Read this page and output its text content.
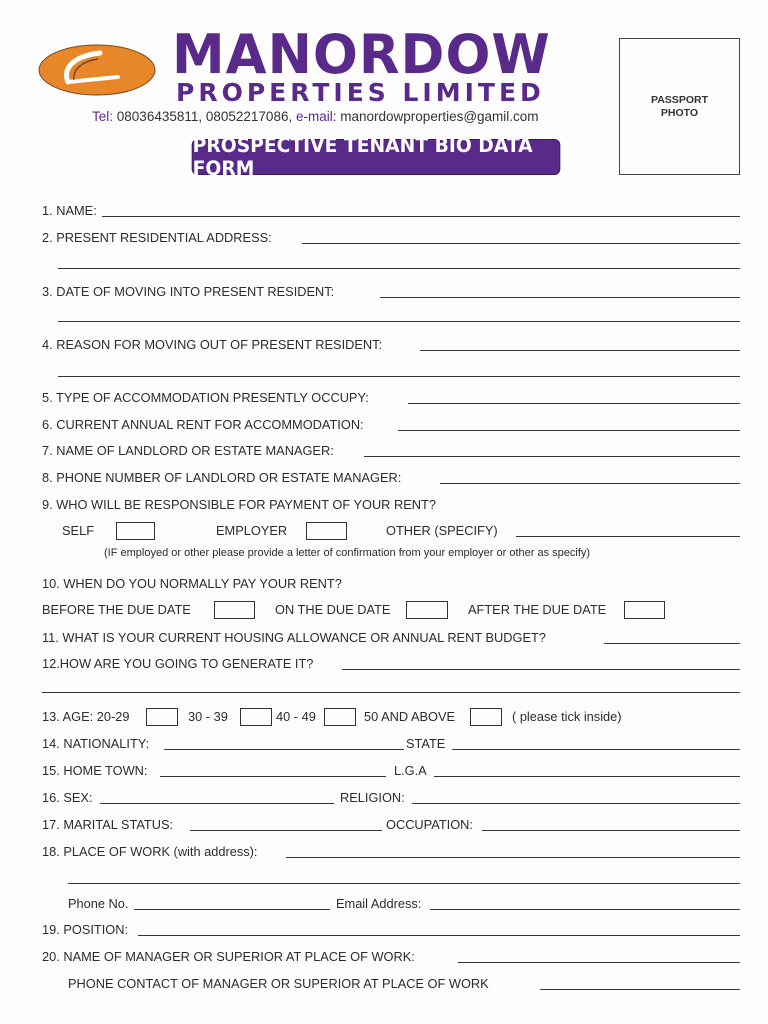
MANORDOW
PROPERTIES LIMITED
Tel: 08036435811, 08052217086, e-mail: manordowproperties@gamil.com
PROSPECTIVE TENANT BIO DATA FORM
PASSPORT
PHOTO
1. NAME:
2. PRESENT RESIDENTIAL ADDRESS:
3. DATE OF MOVING INTO PRESENT RESIDENT:
4. REASON FOR MOVING OUT OF PRESENT RESIDENT:
5. TYPE OF ACCOMMODATION PRESENTLY OCCUPY:
6. CURRENT ANNUAL RENT FOR ACCOMMODATION:
7. NAME OF LANDLORD OR ESTATE MANAGER:
8. PHONE NUMBER OF LANDLORD OR ESTATE MANAGER:
9. WHO WILL BE RESPONSIBLE FOR PAYMENT OF YOUR RENT?
SELF	EMPLOYER	OTHER (SPECIFY)
(IF employed or other please provide a letter of confirmation from your employer or other as specify)
10. WHEN DO YOU NORMALLY PAY YOUR RENT?
BEFORE THE DUE DATE	ON THE DUE DATE	AFTER THE DUE DATE
11. WHAT IS YOUR CURRENT HOUSING ALLOWANCE OR ANNUAL RENT BUDGET?
12.HOW ARE YOU GOING TO GENERATE IT?
13. AGE: 20-29	30 - 39	40 - 49	50 AND ABOVE	( please tick inside)
14. NATIONALITY:	STATE
15. HOME TOWN:	L.G.A
16. SEX:	RELIGION:
17. MARITAL STATUS:	OCCUPATION:
18. PLACE OF WORK (with address):
Phone No.	Email Address:
19. POSITION:
20. NAME OF MANAGER OR SUPERIOR AT PLACE OF WORK:
PHONE CONTACT OF MANAGER OR SUPERIOR AT PLACE OF WORK
